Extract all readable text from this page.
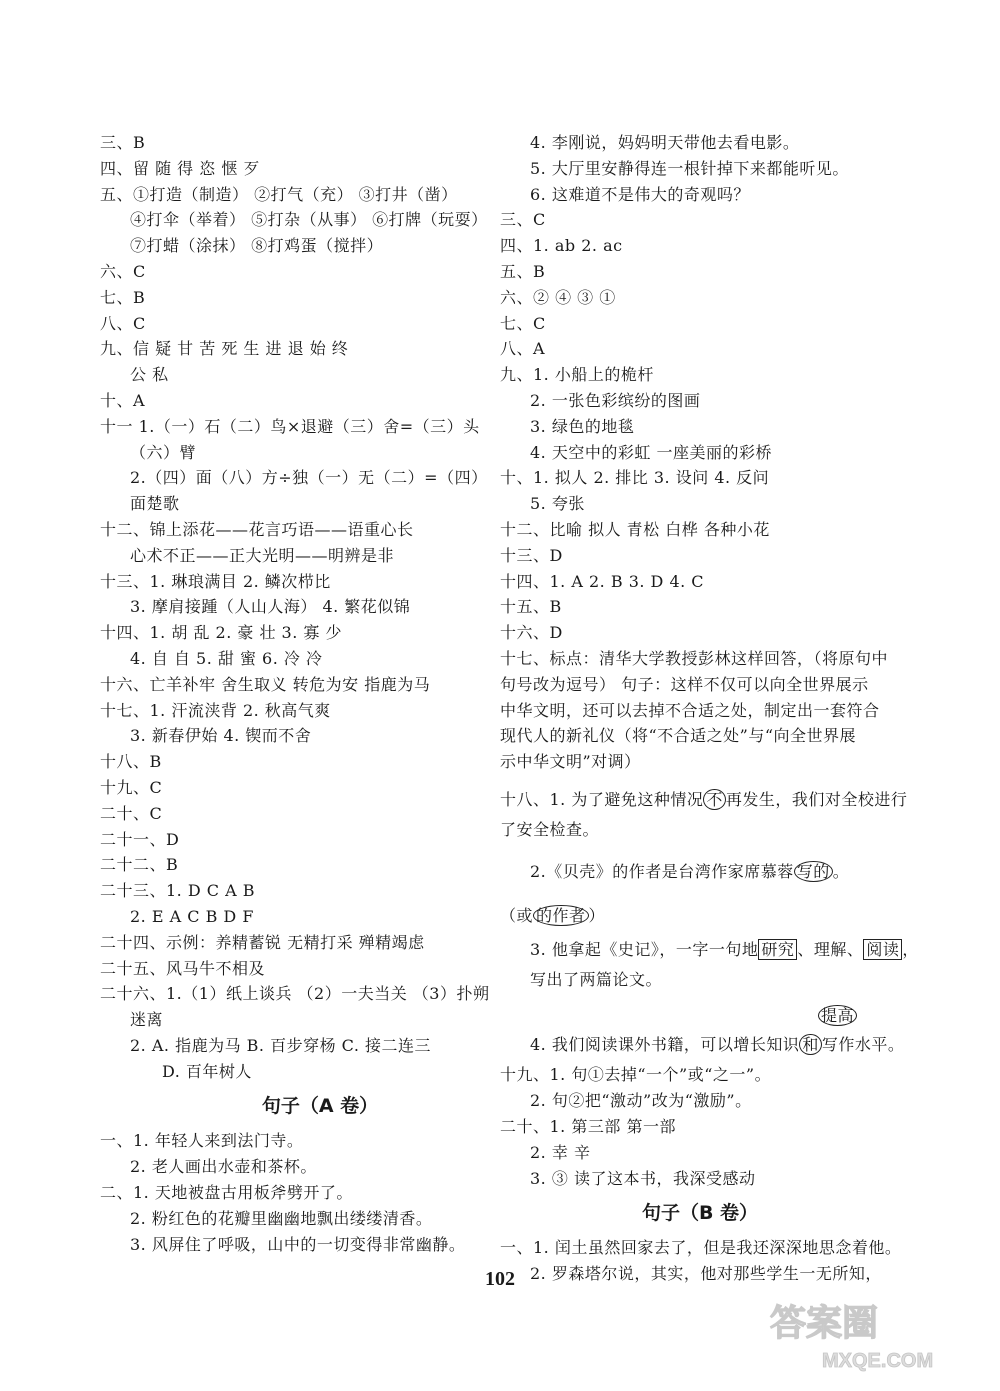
三、B
四、留 随 得 恣 惬 歹
五、①打造（制造） ②打气（充） ③打井（凿）
④打伞（举着） ⑤打杂（从事） ⑥打牌（玩耍）
⑦打蜡（涂抹） ⑧打鸡蛋（搅拌）
六、C
七、B
八、C
九、信 疑 甘 苦 死 生 进 退 始 终
公 私
十、A
十一 1.（一）石（二）鸟×退避（三）舍=（三）头
（六）臂
2.（四）面（八）方÷独（一）无（二）=（四）
面楚歌
十二、锦上添花——花言巧语——语重心长
心术不正——正大光明——明辨是非
十三、1. 琳琅满目 2. 鳞次栉比
3. 摩肩接踵（人山人海） 4. 繁花似锦
十四、1. 胡 乱 2. 豪 壮 3. 寡 少
4. 自 自 5. 甜 蜜 6. 冷 冷
十六、亡羊补牢 舍生取义 转危为安 指鹿为马
十七、1. 汗流浃背 2. 秋高气爽
3. 新春伊始 4. 锲而不舍
十八、B
十九、C
二十、C
二十一、D
二十二、B
二十三、1. D C A B
2. E A C B D F
二十四、示例：养精蓄锐 无精打采 殚精竭虑
二十五、风马牛不相及
二十六、1.（1）纸上谈兵 （2）一夫当关 （3）扑朔
迷离
2. A. 指鹿为马 B. 百步穿杨 C. 接二连三
D. 百年树人
句子（A 卷）
一、1. 年轻人来到法门寺。
2. 老人画出水壶和茶杯。
二、1. 天地被盘古用板斧劈开了。
2. 粉红色的花瓣里幽幽地飘出缕缕清香。
3. 风屏住了呼吸，山中的一切变得非常幽静。
4. 李刚说，妈妈明天带他去看电影。
5. 大厅里安静得连一根针掉下来都能听见。
6. 这难道不是伟大的奇观吗？
三、C
四、1. ab 2. ac
五、B
六、② ④ ③ ①
七、C
八、A
九、1. 小船上的桅杆
2. 一张色彩缤纷的图画
3. 绿色的地毯
4. 天空中的彩虹 一座美丽的彩桥
十、1. 拟人 2. 排比 3. 设问 4. 反问
5. 夸张
十二、比喻 拟人 青松 白桦 各种小花
十三、D
十四、1. A 2. B 3. D 4. C
十五、B
十六、D
十七、标点：清华大学教授彭林这样回答，（将原句中
句号改为逗号） 句子：这样不仅可以向全世界展示
中华文明，还可以去掉不合适之处，制定出一套符合
现代人的新礼仪（将“不合适之处”与“向全世界展
示中华文明”对调）
十八、1. 为了避免这种情况 不 再发生，我们对全校进行
了安全检查。
2.《贝壳》的作者是台湾作家席慕蓉 写的 。
（或 的作者 ）
3. 他拿起《史记》，一字一句地 研究 、理解、 阅读 ，
写出了两篇论文。
提高
4. 我们阅读课外书籍，可以增长知识 和 写作水平。
十九、1. 句①去掉“一个”或“之一”。
2. 句②把“激动”改为“激励”。
二十、1. 第三部 第一部
2. 幸 辛
3. ③ 读了这本书，我深受感动
句子（B 卷）
一、1. 闰土虽然回家去了，但是我还深深地思念着他。
2. 罗森塔尔说，其实，他对那些学生一无所知，
102
答案圈
MXQE.COM
